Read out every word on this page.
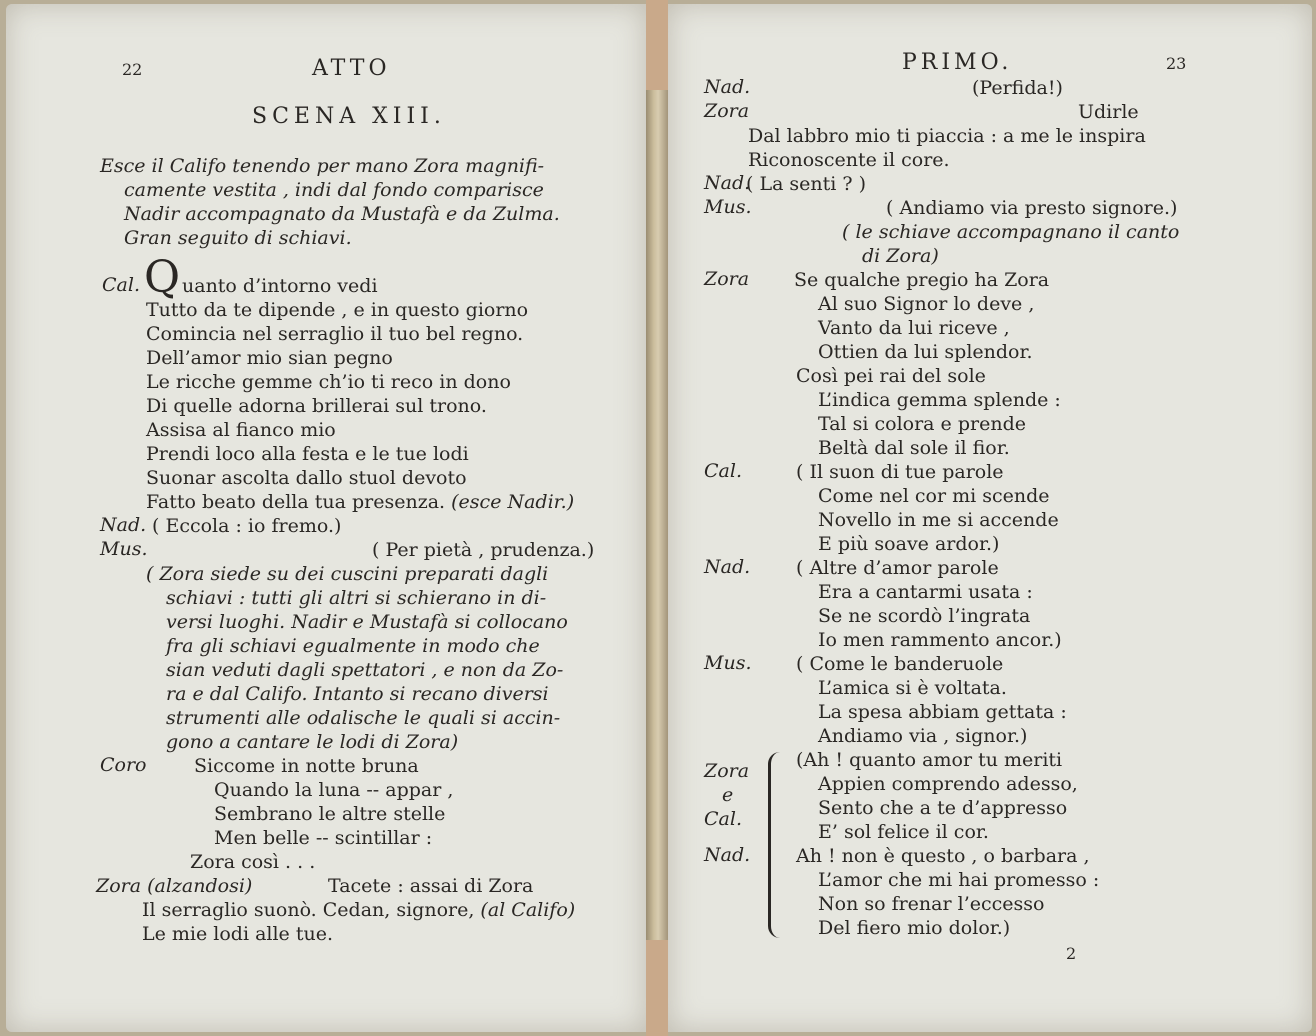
22	ATTO
SCENA XIII.
Esce il Califo tenendo per mano Zora magnifi-
camente vestita , indi dal fondo comparisce
Nadir accompagnato da Mustafà e da Zulma.
Gran seguito di schiavi.
Cal. Q uanto d’intorno vedi
Tutto da te dipende , e in questo giorno
Comincia nel serraglio il tuo bel regno.
Dell’amor mio sian pegno
Le ricche gemme ch’io ti reco in dono
Di quelle adorna brillerai sul trono.
Assisa al fianco mio
Prendi loco alla festa e le tue lodi
Suonar ascolta dallo stuol devoto
Fatto beato della tua presenza. (esce Nadir.)
Nad. ( Eccola : io fremo.)
Mus.	( Per pietà , prudenza.)
( Zora siede su dei cuscini preparati dagli
schiavi : tutti gli altri si schierano in di-
versi luoghi. Nadir e Mustafà si collocano
fra gli schiavi egualmente in modo che
sian veduti dagli spettatori , e non da Zo-
ra e dal Califo. Intanto si recano diversi
strumenti alle odalische le quali si accin-
gono a cantare le lodi di Zora)
Coro	Siccome in notte bruna
Quando la luna -- appar ,
Sembrano le altre stelle
Men belle -- scintillar :
Zora così . . .
Zora (alzandosi)	Tacete : assai di Zora
Il serraglio suonò. Cedan, signore, (al Califo)
Le mie lodi alle tue.
PRIMO.	23
Nad.	(Perfida!)
Zora	Udirle
Dal labbro mio ti piaccia : a me le inspira
Riconoscente il core.
Nad.
( La senti ? )
Mus.	( Andiamo via presto signore.)
( le schiave accompagnano il canto
di Zora)
Zora Se qualche pregio ha Zora
Al suo Signor lo deve ,
Vanto da lui riceve ,
Ottien da lui splendor.
Così pei rai del sole
L’indica gemma splende :
Tal si colora e prende
Beltà dal sole il fior.
Cal.	( Il suon di tue parole
Come nel cor mi scende
Novello in me si accende
E più soave ardor.)
Nad. ( Altre d’amor parole
Era a cantarmi usata :
Se ne scordò l’ingrata
Io men rammento ancor.)
Mus. ( Come le banderuole
L’amica si è voltata.
La spesa abbiam gettata :
Andiamo via , signor.)
Zora
e
Cal.
(Ah ! quanto amor tu meriti
Appien comprendo adesso,
Sento che a te d’appresso
E’ sol felice il cor.
Nad. Ah ! non è questo , o barbara ,
L’amor che mi hai promesso :
Non so frenar l’eccesso
Del fiero mio dolor.)
2
